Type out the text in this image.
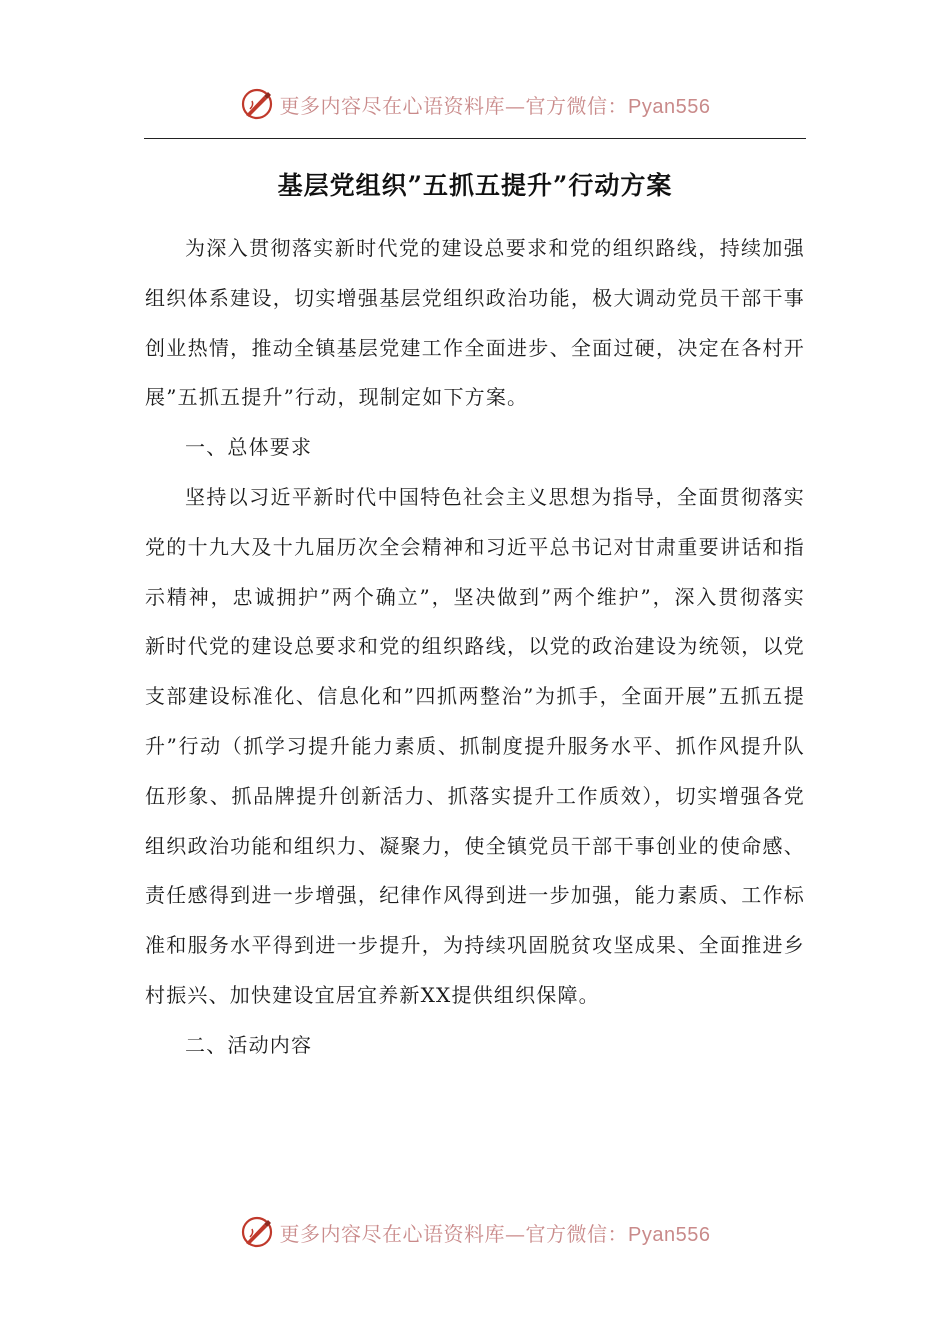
更多内容尽在心语资料库—官方微信：Pyan556
基层党组织”五抓五提升”行动方案

为深入贯彻落实新时代党的建设总要求和党的组织路线，持续加强组织体系建设，切实增强基层党组织政治功能，极大调动党员干部干事创业热情，推动全镇基层党建工作全面进步、全面过硬，决定在各村开展”五抓五提升”行动，现制定如下方案。

一、总体要求

坚持以习近平新时代中国特色社会主义思想为指导，全面贯彻落实党的十九大及十九届历次全会精神和习近平总书记对甘肃重要讲话和指示精神，忠诚拥护”两个确立”，坚决做到”两个维护”，深入贯彻落实新时代党的建设总要求和党的组织路线，以党的政治建设为统领，以党支部建设标准化、信息化和”四抓两整治”为抓手，全面开展”五抓五提升”行动（抓学习提升能力素质、抓制度提升服务水平、抓作风提升队伍形象、抓品牌提升创新活力、抓落实提升工作质效），切实增强各党组织政治功能和组织力、凝聚力，使全镇党员干部干事创业的使命感、责任感得到进一步增强，纪律作风得到进一步加强，能力素质、工作标准和服务水平得到进一步提升，为持续巩固脱贫攻坚成果、全面推进乡村振兴、加快建设宜居宜养新XX提供组织保障。

二、活动内容

更多内容尽在心语资料库—官方微信：Pyan556
